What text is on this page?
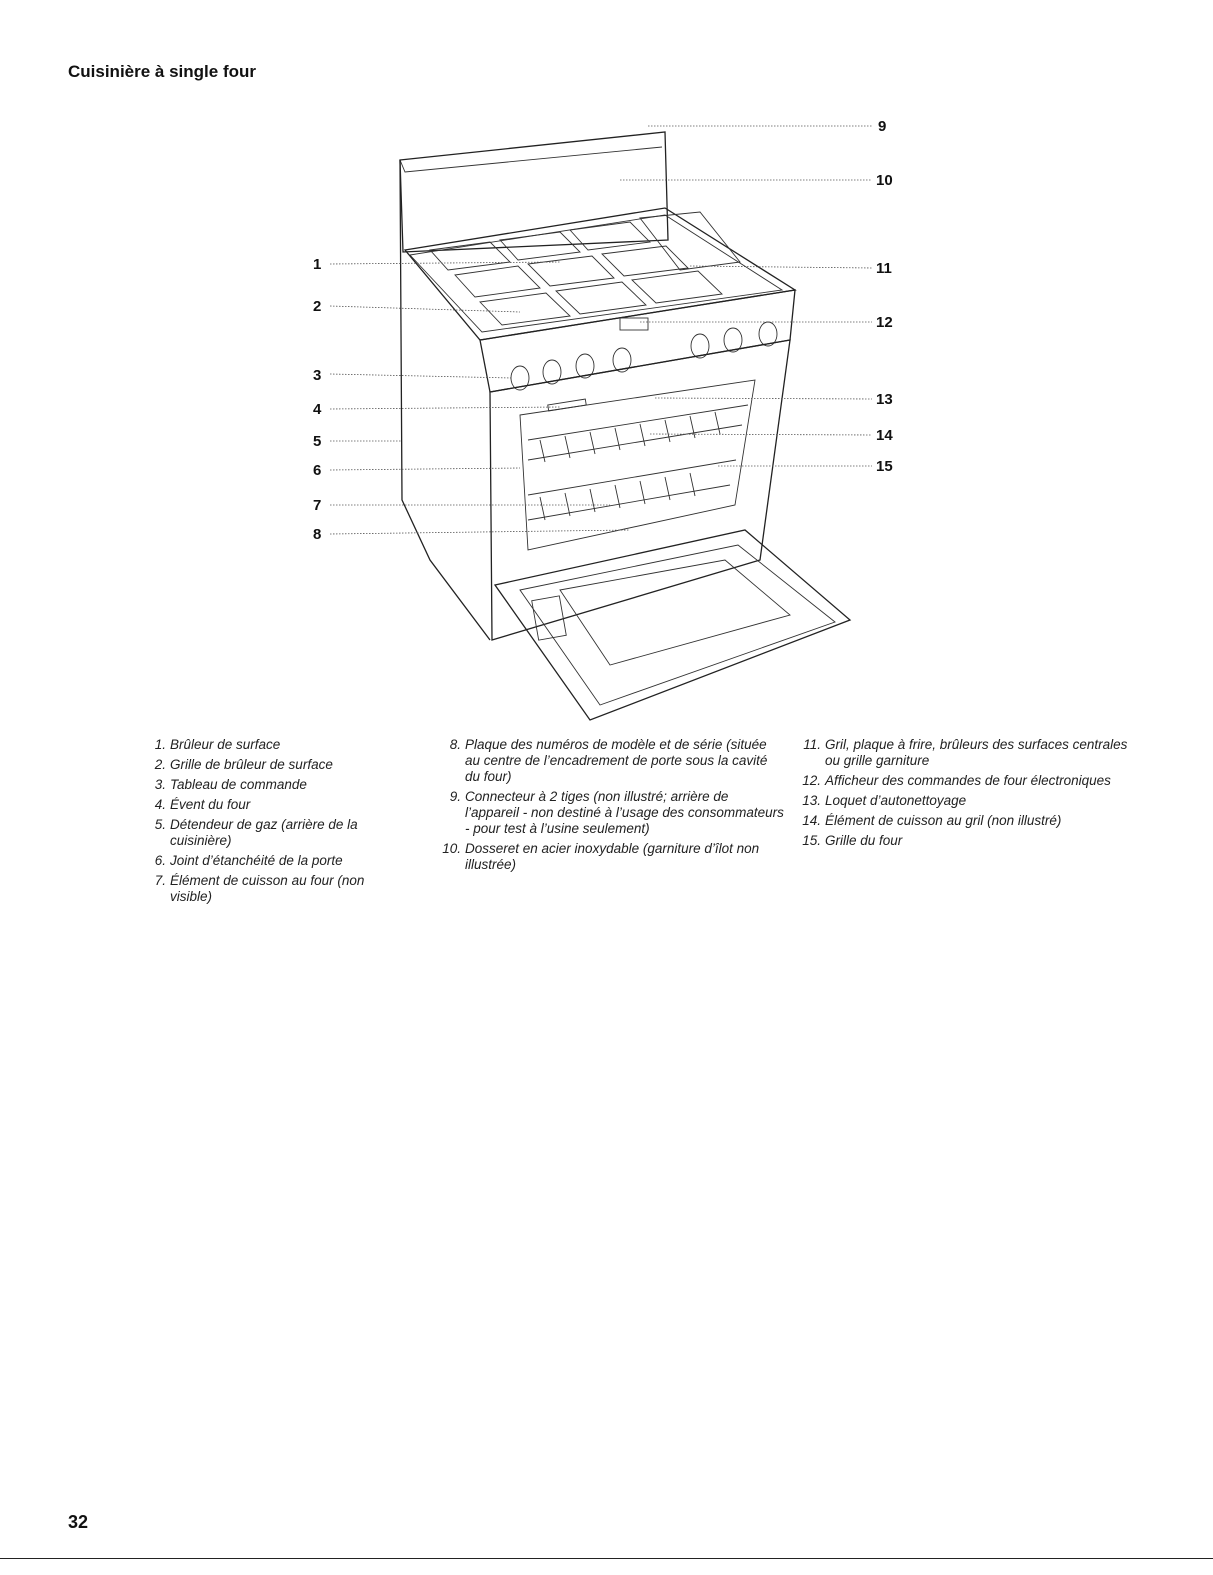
Cuisinière à single four
1
2
3
4
5
6
7
8
9
10
11
12
13
14
15
1. Brûleur de surface
2. Grille de brûleur de surface
3. Tableau de commande
4. Évent du four
5. Détendeur de gaz (arrière de la cuisinière)
6. Joint d’étanchéité de la porte
7. Élément de cuisson au four (non visible)
8. Plaque des numéros de modèle et de série (située au centre de l’encadrement de porte sous la cavité du four)
9. Connecteur à 2 tiges (non illustré; arrière de l’appareil - non destiné à l’usage des consommateurs - pour test à l’usine seulement)
10. Dosseret en acier inoxydable (garniture d’îlot non illustrée)
11. Gril, plaque à frire, brûleurs des surfaces centrales ou grille garniture
12. Afficheur des commandes de four électroniques
13. Loquet d’autonettoyage
14. Élément de cuisson au gril (non illustré)
15. Grille du four

32
